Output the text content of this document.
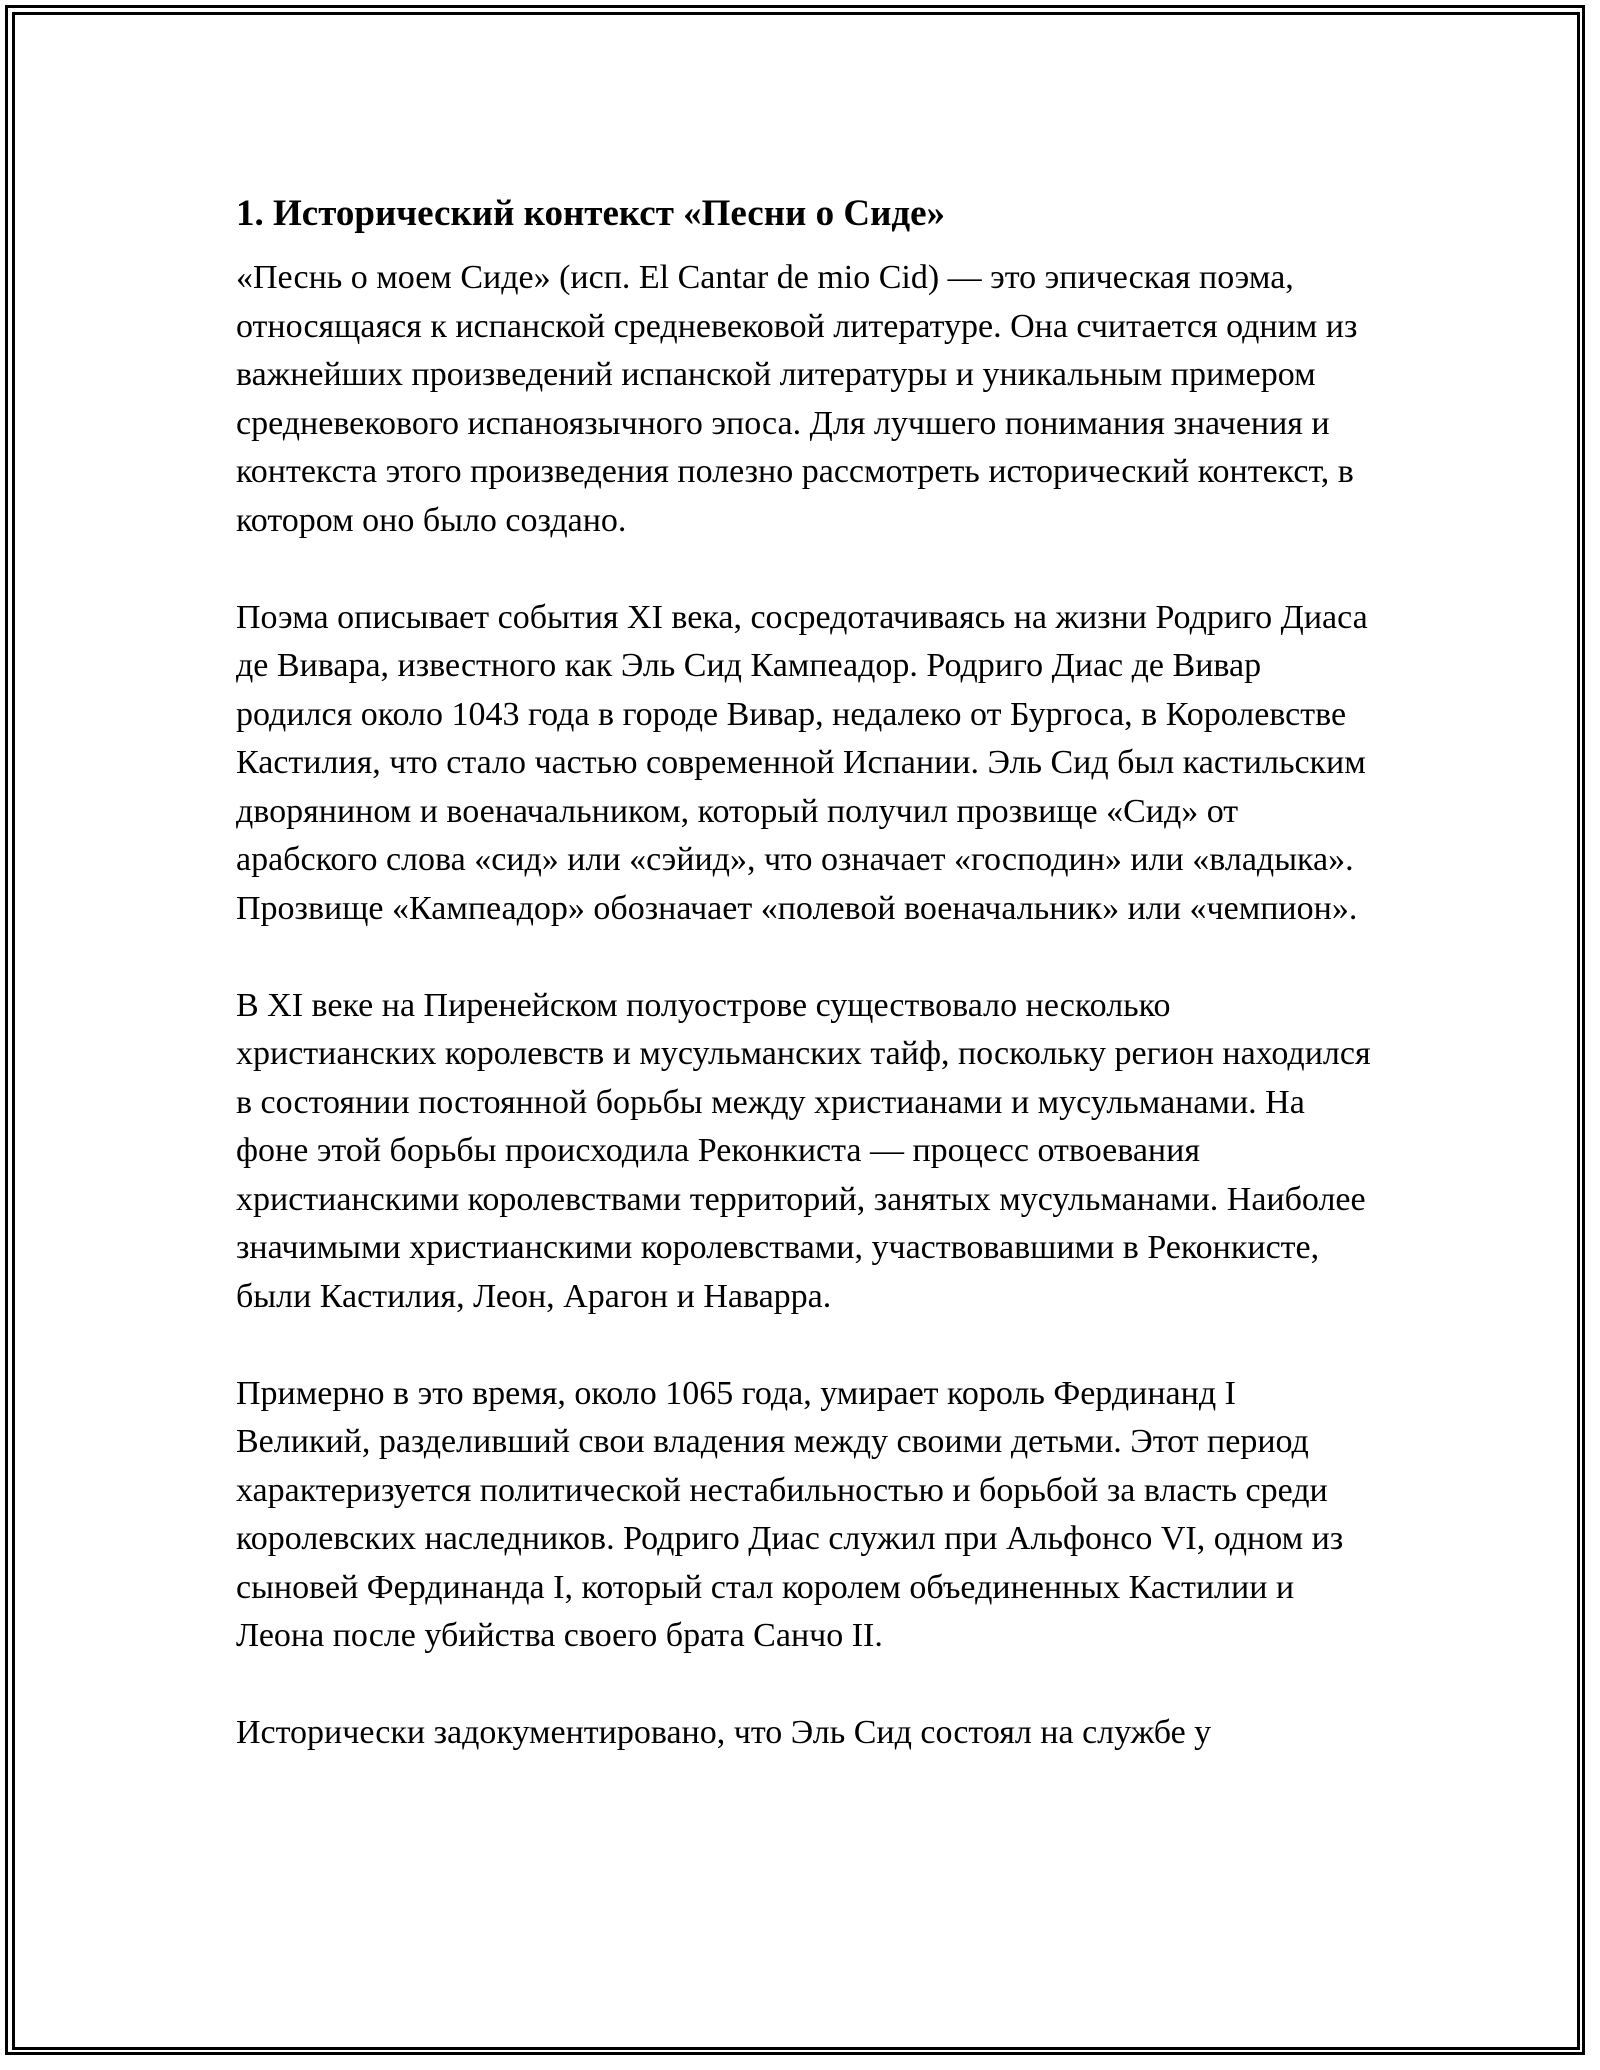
1. Исторический контекст «Песни о Сиде»

«Песнь о моем Сиде» (исп. El Cantar de mio Cid) — это эпическая поэма, относящаяся к испанской средневековой литературе. Она считается одним из важнейших произведений испанской литературы и уникальным примером средневекового испаноязычного эпоса. Для лучшего понимания значения и контекста этого произведения полезно рассмотреть исторический контекст, в котором оно было создано.

Поэма описывает события XI века, сосредотачиваясь на жизни Родриго Диаса де Вивара, известного как Эль Сид Кампеадор. Родриго Диас де Вивар родился около 1043 года в городе Вивар, недалеко от Бургоса, в Королевстве Кастилия, что стало частью современной Испании. Эль Сид был кастильским дворянином и военачальником, который получил прозвище «Сид» от арабского слова «сид» или «сэйид», что означает «господин» или «владыка». Прозвище «Кампеадор» обозначает «полевой военачальник» или «чемпион».

В XI веке на Пиренейском полуострове существовало несколько христианских королевств и мусульманских тайф, поскольку регион находился в состоянии постоянной борьбы между христианами и мусульманами. На фоне этой борьбы происходила Реконкиста — процесс отвоевания христианскими королевствами территорий, занятых мусульманами. Наиболее значимыми христианскими королевствами, участвовавшими в Реконкисте, были Кастилия, Леон, Арагон и Наварра.

Примерно в это время, около 1065 года, умирает король Фердинанд I Великий, разделивший свои владения между своими детьми. Этот период характеризуется политической нестабильностью и борьбой за власть среди королевских наследников. Родриго Диас служил при Альфонсо VI, одном из сыновей Фердинанда I, который стал королем объединенных Кастилии и Леона после убийства своего брата Санчо II.

Исторически задокументировано, что Эль Сид состоял на службе у
